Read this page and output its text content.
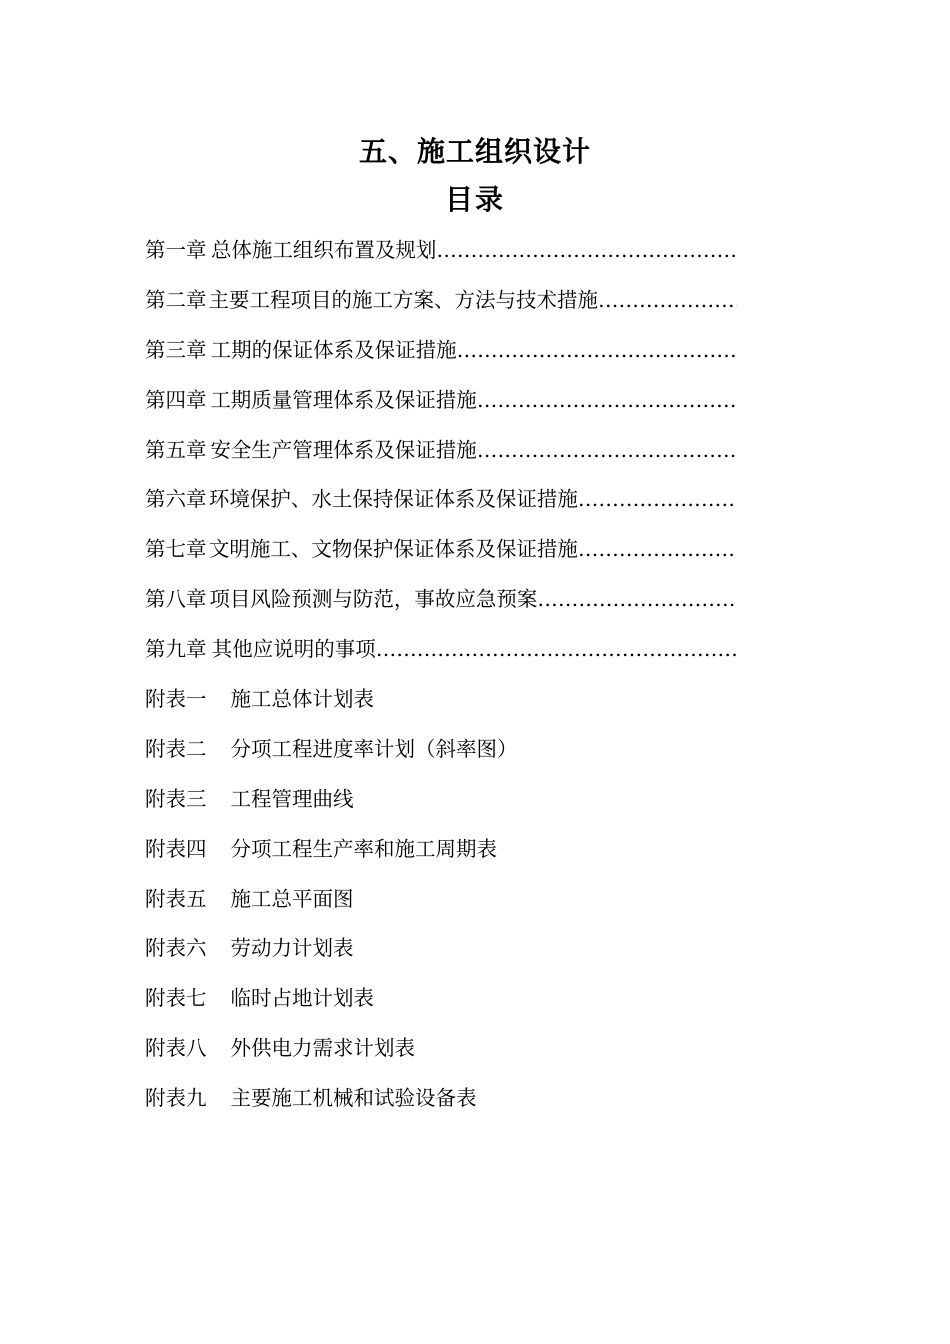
五、施工组织设计
目录
第一章 总体施工组织布置及规划
…………………………………………………………………………………………………………
第二章 主要工程项目的施工方案、方法与技术措施
…………………………………………………………………………………………………………
第三章 工期的保证体系及保证措施
…………………………………………………………………………………………………………
第四章 工期质量管理体系及保证措施
…………………………………………………………………………………………………………
第五章 安全生产管理体系及保证措施
…………………………………………………………………………………………………………
第六章 环境保护、水土保持保证体系及保证措施
…………………………………………………………………………………………………………
第七章 文明施工、文物保护保证体系及保证措施
…………………………………………………………………………………………………………
第八章 项目风险预测与防范，事故应急预案
…………………………………………………………………………………………………………
第九章 其他应说明的事项
…………………………………………………………………………………………………………
附表一 施工总体计划表
附表二 分项工程进度率计划（斜率图）
附表三 工程管理曲线
附表四 分项工程生产率和施工周期表
附表五 施工总平面图
附表六 劳动力计划表
附表七 临时占地计划表
附表八 外供电力需求计划表
附表九 主要施工机械和试验设备表
